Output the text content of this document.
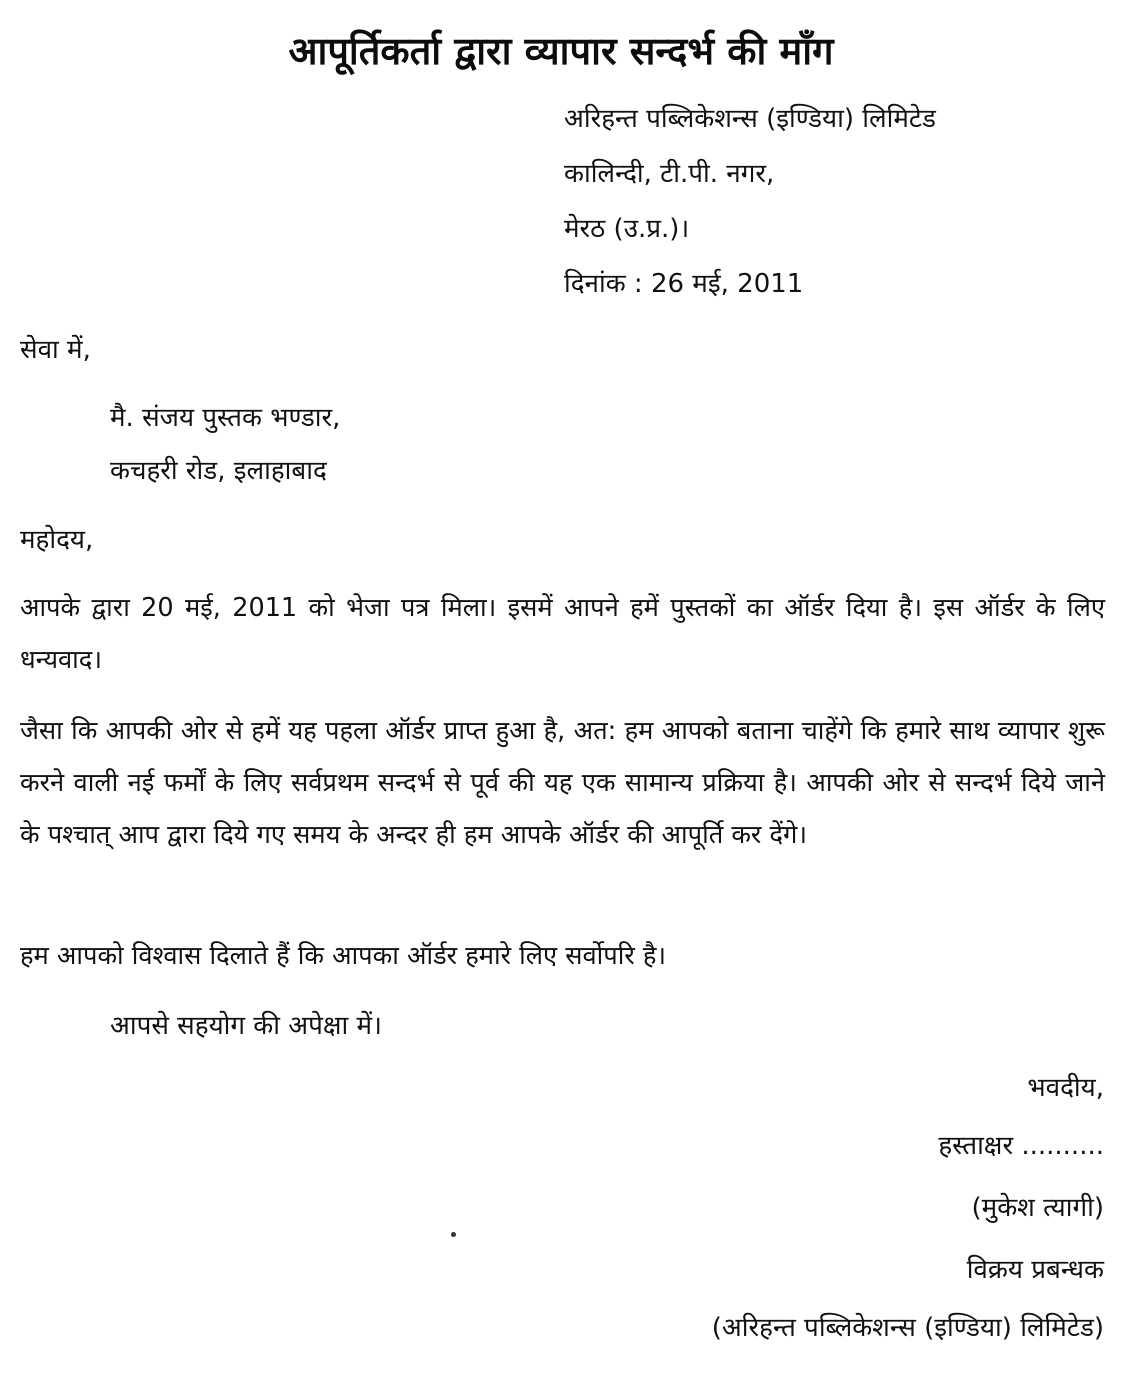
आपूर्तिकर्ता द्वारा व्यापार सन्दर्भ की माँग
अरिहन्त पब्लिकेशन्स (इण्डिया) लिमिटेड
कालिन्दी, टी.पी. नगर,
मेरठ (उ.प्र.)।
दिनांक : 26 मई, 2011
सेवा में,
मै. संजय पुस्तक भण्डार,
कचहरी रोड, इलाहाबाद
महोदय,
आपके द्वारा 20 मई, 2011 को भेजा पत्र मिला। इसमें आपने हमें पुस्तकों का ऑर्डर दिया है। इस ऑर्डर के लिए धन्यवाद।
जैसा कि आपकी ओर से हमें यह पहला ऑर्डर प्राप्त हुआ है, अत: हम आपको बताना चाहेंगे कि हमारे साथ व्यापार शुरू करने वाली नई फर्मों के लिए सर्वप्रथम सन्दर्भ से पूर्व की यह एक सामान्य प्रक्रिया है। आपकी ओर से सन्दर्भ दिये जाने के पश्चात् आप द्वारा दिये गए समय के अन्दर ही हम आपके ऑर्डर की आपूर्ति कर देंगे।
हम आपको विश्वास दिलाते हैं कि आपका ऑर्डर हमारे लिए सर्वोपरि है।
आपसे सहयोग की अपेक्षा में।
भवदीय,
हस्ताक्षर ..........
(मुकेश त्यागी)
विक्रय प्रबन्धक
(अरिहन्त पब्लिकेशन्स (इण्डिया) लिमिटेड)
